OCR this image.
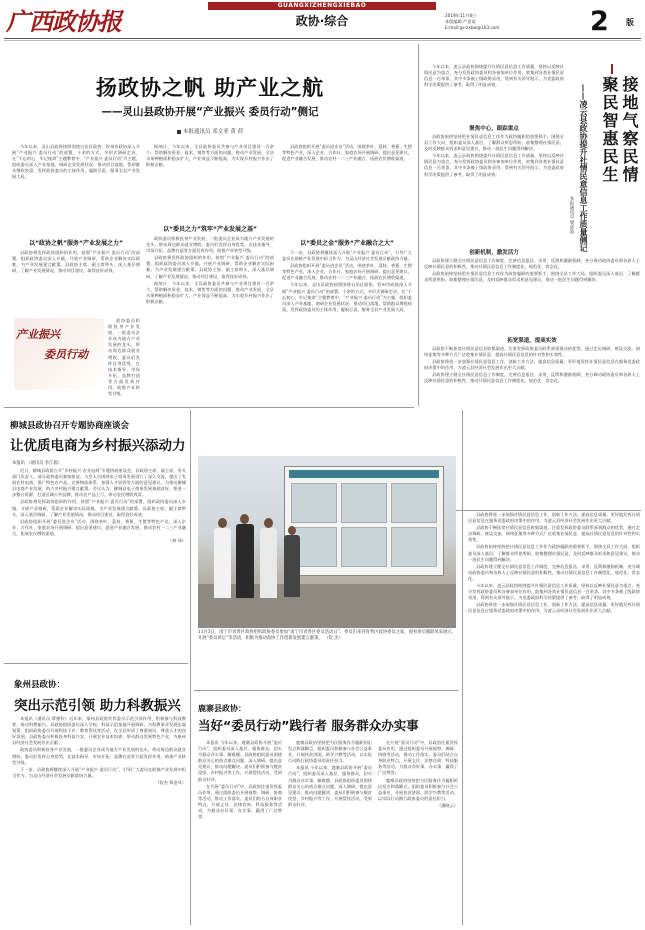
广西政协报
GUANGXIZHENGXIEBAO
政协·综合	2019年11月8日
本版编辑 严思诺
E-mail:gx-zxbw@163.com	2 版
扬政协之帆 助产业之航
——灵山县政协开展“产业振兴 委员行动”侧记
本报通讯员 邓文亚 黄 荷

今年以来，灵山县政协按照围绕自治区政协、钦州市政协深入开展“产业振兴 委员行动”的部署，十余的方式，多形式调研走访、在“不忘初心、牢记使命”主题教育中，“产业振兴 委员行动”为主题，组织委员深入产业基地、调研企业发展状况、推动项目落地，帮助群众增收致富，发挥政协委员的主体作用，履职尽责，服务全县产业发展大局。

以“政协之帆”服务“产业发展之力”

县政协将发挥政协组织的作用，按照“产业振兴 委员行动”的部署，组织政协委员深入乡镇，开展产业调研，帮助企业解决实际困难，为产业发展建言献策。县政协主席、副主席带头，深入基层调研，了解产业发展情况，推动项目建设，取得良好成效。

产业振兴
委员行动

政协委员积极投身产业发展，一批委员企业成为地方产业发展的龙头，带动周边群众就业增收。委员们发挥自身优势，在技术指导、市场开拓、品牌打造等方面发挥作用，助推产业转型升级。

据统计，今年以来，全县政协委员共参与产业项目建设一百余个，帮助解决资金、技术、销售等方面的问题，推动产业发展，全县水果种植面积稳步扩大，产业效益不断提高，为实现乡村振兴作出了积极贡献。

以“委员之力”筑牢“产业发展之基”

政协委员积极投身产业发展，一批委员企业成为地方产业发展的龙头，带动周边群众就业增收。委员们发挥自身优势，在技术指导、市场开拓、品牌打造等方面发挥作用，助推产业转型升级。

县政协将发挥政协组织的作用，按照“产业振兴 委员行动”的部署，组织政协委员深入乡镇，开展产业调研，帮助企业解决实际困难，为产业发展建言献策。县政协主席、副主席带头，深入基层调研，了解产业发展情况，推动项目建设，取得良好成效。

据统计，今年以来，全县政协委员共参与产业项目建设一百余个，帮助解决资金、技术、销售等方面的问题，推动产业发展，全县水果种植面积稳步扩大，产业效益不断提高，为实现乡村振兴作出了积极贡献。

县政协组织开展“委员进企业”活动，围绕茶叶、荔枝、香蕉、生猪等特色产业，深入企业、合作社、家庭农场开展调研，提出意见建议，促进产业融合发展，推动农村一二三产业融合，拓展农民增收渠道。

以“委员之金”服务“产业融合之大”

下一步，县政协将继续深入开展“产业振兴 委员行动”，引导广大委员在助推产业发展中担当作为，为灵山经济社会发展贡献政协力量。

县政协组织开展“委员进企业”活动，围绕茶叶、荔枝、香蕉、生猪等特色产业，深入企业、合作社、家庭农场开展调研，提出意见建议，促进产业融合发展，推动农村一二三产业融合，拓展农民增收渠道。

今年以来，灵山县政协按照围绕自治区政协、钦州市政协深入开展“产业振兴 委员行动”的部署，十余的方式，多形式调研走访、在“不忘初心、牢记使命”主题教育中，“产业振兴 委员行动”为主题，组织委员深入产业基地、调研企业发展状况、推动项目落地，帮助群众增收致富，发挥政协委员的主体作用，履职尽责，服务全县产业发展大局。

接地气察民情
聚民智惠民生
——凌云县政协提升社情民意信息工作质量侧记
本报通讯员 梁彦波

今年以来，凌云县政协围绕提升社情民意信息工作质量，坚持以反映社情民意为重点，充分发挥政协委员和各参加单位作用，收集到各类社情民意信息一百余条，其中多条被上级政协采用，得到有关领导批示，为党委政府科学决策提供了参考，取得了明显成效。

聚焦中心，跟踪重点

县政协始终坚持把社情民意信息工作作为政协履职的重要抓手，围绕全县工作大局，组织委员深入基层，了解群众所思所盼，收集整理社情民意，及时反映群众诉求和意见建议，推动一批民生问题得到解决。

今年以来，凌云县政协围绕提升社情民意信息工作质量，坚持以反映社情民意为重点，充分发挥政协委员和各参加单位作用，收集到各类社情民意信息一百余条，其中多条被上级政协采用，得到有关领导批示，为党委政府科学决策提供了参考，取得了明显成效。

创新机制，激发活力

县政协建立健全社情民意信息工作制度，完善信息报送、采用、反馈和激励机制，充分调动政协委员和各界人士反映社情民意的积极性，推动社情民意信息工作制度化、规范化、常态化。

县政协始终坚持把社情民意信息工作作为政协履职的重要抓手，围绕全县工作大局，组织委员深入基层，了解群众所思所盼，收集整理社情民意，及时反映群众诉求和意见建议，推动一批民生问题得到解决。

拓宽渠道，提高实效

县政协不断拓宽社情民意信息收集渠道，注重发挥政协委员联系界别群众的优势，通过走访调研、座谈交流、网络征集等多种方式广泛收集社情民意，提高社情民意信息的针对性和实效性。

县政协将进一步加强社情民意信息工作，创新工作方法，提高信息质量，更好地发挥社情民意信息在服务党委政府决策中的作用，为凌云县经济社会发展作出更大贡献。

县政协建立健全社情民意信息工作制度，完善信息报送、采用、反馈和激励机制，充分调动政协委员和各界人士反映社情民意的积极性，推动社情民意信息工作制度化、规范化、常态化。

柳城县政协召开专题协商座谈会
让优质电商为乡村振兴添动力
本报讯 （通讯员 李江源）

近日，柳城县政协召开“乡村振兴 农业电商”专题协商座谈会，县政协主席、副主席，有关部门负责人、部分政协委员参加座谈。与会人员围绕电子商务发展进行了深入交流，提出了发展农村电商、推广特色农产品、完善物流体系、加强人才培养等方面的意见建议，为推动柳城县电商产业发展、助力乡村振兴建言献策。会议认为，柳城县电子商务发展基础良好，要进一步整合资源，打造区域公共品牌，推动农产品上行，带动农民增收致富。

县政协将发挥政协组织的作用，按照“产业振兴 委员行动”的部署，组织政协委员深入乡镇，开展产业调研，帮助企业解决实际困难，为产业发展建言献策。县政协主席、副主席带头，深入基层调研，了解产业发展情况，推动项目建设，取得良好成效。

县政协组织开展“委员进企业”活动，围绕茶叶、荔枝、香蕉、生猪等特色产业，深入企业、合作社、家庭农场开展调研，提出意见建议，促进产业融合发展，推动农村一二三产业融合，拓展农民增收渠道。

（林 伟）

象州县政协：
突出示范引领 助力科教振兴

本报讯（通讯员 覃德钦）近年来，象州县政协发挥委员示范引领作用，积极参与科技教育，推动科教振兴。县政协组织委员深入学校、科技示范基地开展调研，为科教事业发展出谋划策，组织政协委员开展科技下乡、教育帮扶等活动，在全县形成了尊重知识、尊重人才的良好氛围。县政协委员积极投身科技兴农，开展农业技术培训，带动群众发展特色产业，为象州县经济社会发展作出贡献。

政协委员积极投身产业发展，一批委员企业成为地方产业发展的龙头，带动周边群众就业增收。委员们发挥自身优势，在技术指导、市场开拓、品牌打造等方面发挥作用，助推产业转型升级。

下一步，县政协将继续深入开展“产业振兴 委员行动”，引导广大委员在助推产业发展中担当作为，为灵山经济社会发展贡献政协力量。

（钦杰 覃金凤）

11月3日，南宁市青秀区政协组织政协委员参加“南宁市青秀区委员活动日”，委员们来到青秀区政协委员之家，观看委员履职风采展示，开展“委员讲坛”等活动，积极为推动政协工作创新发展建言献策。 （钦 杰）
鹿寨县政协：
当好“委员行动”践行者 服务群众办实事

本报讯 今年以来，鹿寨县政协开展“委员行动”，组织委员深入基层、服务群众，切实为群众办实事、解难题。县政协组织委员围绕群众关心的热点难点问题，深入调研，提出意见建议，推动问题解决。委员们积极参与脱贫攻坚、乡村振兴等工作，开展帮扶活动，受到群众好评。

在开展“委员行动”中，县政协注重发挥委员作用，通过组织委员开展视察、调研、协商等活动，推动工作落实。委员们结合自身职业特点，开展义诊、法律咨询、科技服务等活动，为群众办好事、办实事，赢得了广泛赞誉。

鹿寨县政协坚持把为民服务作为履职的出发点和落脚点，组织委员积极参与社会公益事业，开展扶贫济困、助学兴教等活动，以实际行动践行政协委员的责任担当。

本报讯 今年以来，鹿寨县政协开展“委员行动”，组织委员深入基层、服务群众，切实为群众办实事、解难题。县政协组织委员围绕群众关心的热点难点问题，深入调研，提出意见建议，推动问题解决。委员们积极参与脱贫攻坚、乡村振兴等工作，开展帮扶活动，受到群众好评。

在开展“委员行动”中，县政协注重发挥委员作用，通过组织委员开展视察、调研、协商等活动，推动工作落实。委员们结合自身职业特点，开展义诊、法律咨询、科技服务等活动，为群众办好事、办实事，赢得了广泛赞誉。

鹿寨县政协坚持把为民服务作为履职的出发点和落脚点，组织委员积极参与社会公益事业，开展扶贫济困、助学兴教等活动，以实际行动践行政协委员的责任担当。

（潘晓云）

县政协将进一步加强社情民意信息工作，创新工作方法，提高信息质量，更好地发挥社情民意信息在服务党委政府决策中的作用，为凌云县经济社会发展作出更大贡献。

县政协不断拓宽社情民意信息收集渠道，注重发挥政协委员联系界别群众的优势，通过走访调研、座谈交流、网络征集等多种方式广泛收集社情民意，提高社情民意信息的针对性和实效性。

县政协始终坚持把社情民意信息工作作为政协履职的重要抓手，围绕全县工作大局，组织委员深入基层，了解群众所思所盼，收集整理社情民意，及时反映群众诉求和意见建议，推动一批民生问题得到解决。

县政协建立健全社情民意信息工作制度，完善信息报送、采用、反馈和激励机制，充分调动政协委员和各界人士反映社情民意的积极性，推动社情民意信息工作制度化、规范化、常态化。

今年以来，凌云县政协围绕提升社情民意信息工作质量，坚持以反映社情民意为重点，充分发挥政协委员和各参加单位作用，收集到各类社情民意信息一百余条，其中多条被上级政协采用，得到有关领导批示，为党委政府科学决策提供了参考，取得了明显成效。

县政协将进一步加强社情民意信息工作，创新工作方法，提高信息质量，更好地发挥社情民意信息在服务党委政府决策中的作用，为凌云县经济社会发展作出更大贡献。
